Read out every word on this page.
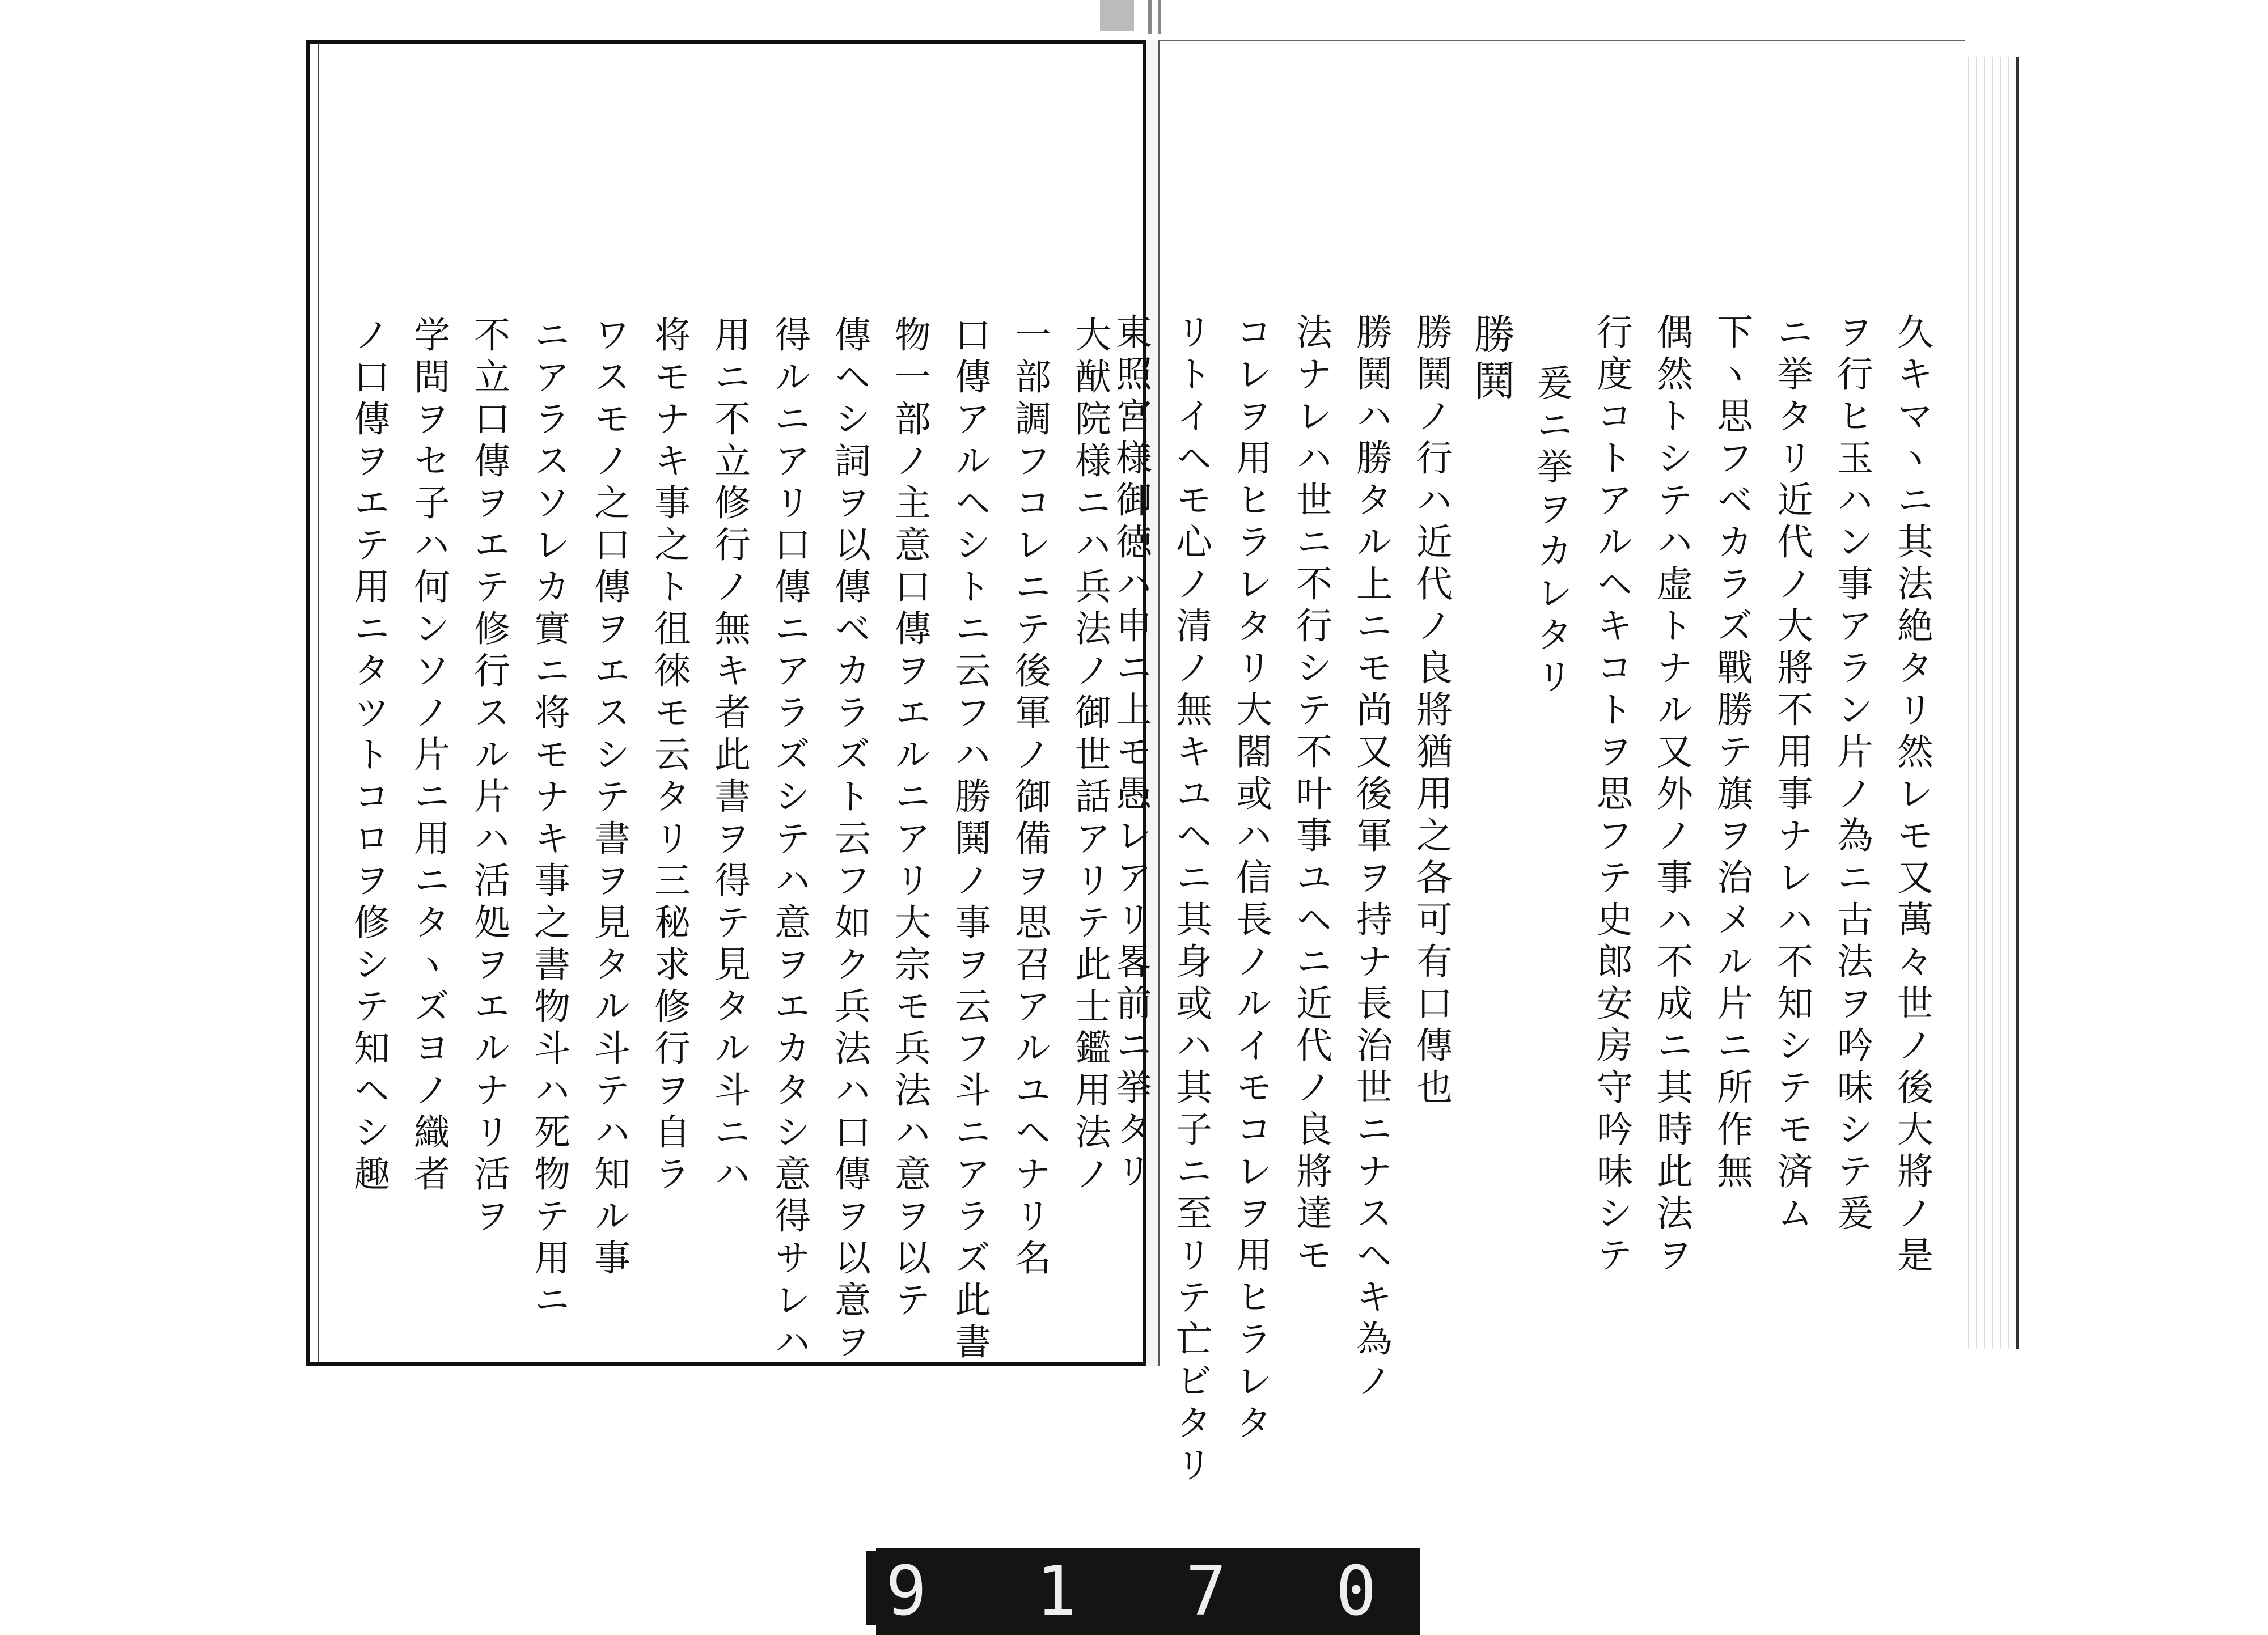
大猷院様ニハ兵法ノ御世話アリテ此士鑑用法ノ
一部調フコレニテ後軍ノ御備ヲ思召アルユヘナリ名
口傳アルヘシトニ云フハ勝鬨ノ事ヲ云フ斗ニアラズ此書
物一部ノ主意口傳ヲエルニアリ大宗モ兵法ハ意ヲ以テ
傳ヘシ詞ヲ以傳ベカラズト云フ如ク兵法ハ口傳ヲ以意ヲ
得ルニアリ口傳ニアラズシテハ意ヲエカタシ意得サレハ
用ニ不立修行ノ無キ者此書ヲ得テ見タル斗ニハ
将モナキ事之ト徂徠モ云タリ三秘求修行ヲ自ラ
ワスモノ之口傳ヲエスシテ書ヲ見タル斗テハ知ル事
ニアラスソレカ實ニ将モナキ事之書物斗ハ死物テ用ニ
不立口傳ヲエテ修行スル片ハ活処ヲエルナリ活ヲ
学問ヲセ子ハ何ンソノ片ニ用ニタヽズヨノ織者
ノ口傳ヲエテ用ニタツトコロヲ修シテ知ヘシ趣	久キマヽニ其法絶タリ然レモ又萬々世ノ後大將ノ是
ヲ行ヒ玉ハン事アラン片ノ為ニ古法ヲ吟味シテ爰
ニ挙タリ近代ノ大將不用事ナレハ不知シテモ済ム
下ヽ思フベカラズ戰勝テ旗ヲ治メル片ニ所作無
偶然トシテハ虚トナル又外ノ事ハ不成ニ其時此法ヲ
行度コトアルヘキコトヲ思フテ史郎安房守吟味シテ
爰ニ挙ヲカレタリ
勝鬨
勝鬨ノ行ハ近代ノ良將猶用之各可有口傳也
勝鬨ハ勝タル上ニモ尚又後軍ヲ持ナ長治世ニナスヘキ為ノ
法ナレハ世ニ不行シテ不叶事ユヘニ近代ノ良將達モ
コレヲ用ヒラレタリ大閤或ハ信長ノルイモコレヲ用ヒラレタ
リトイヘモ心ノ清ノ無キユヘニ其身或ハ其子ニ至リテ亡ビタリ
東照宮様御徳ハ申ニ上モ愚レアリ畧前ニ挙タリ
9 1 7 0
